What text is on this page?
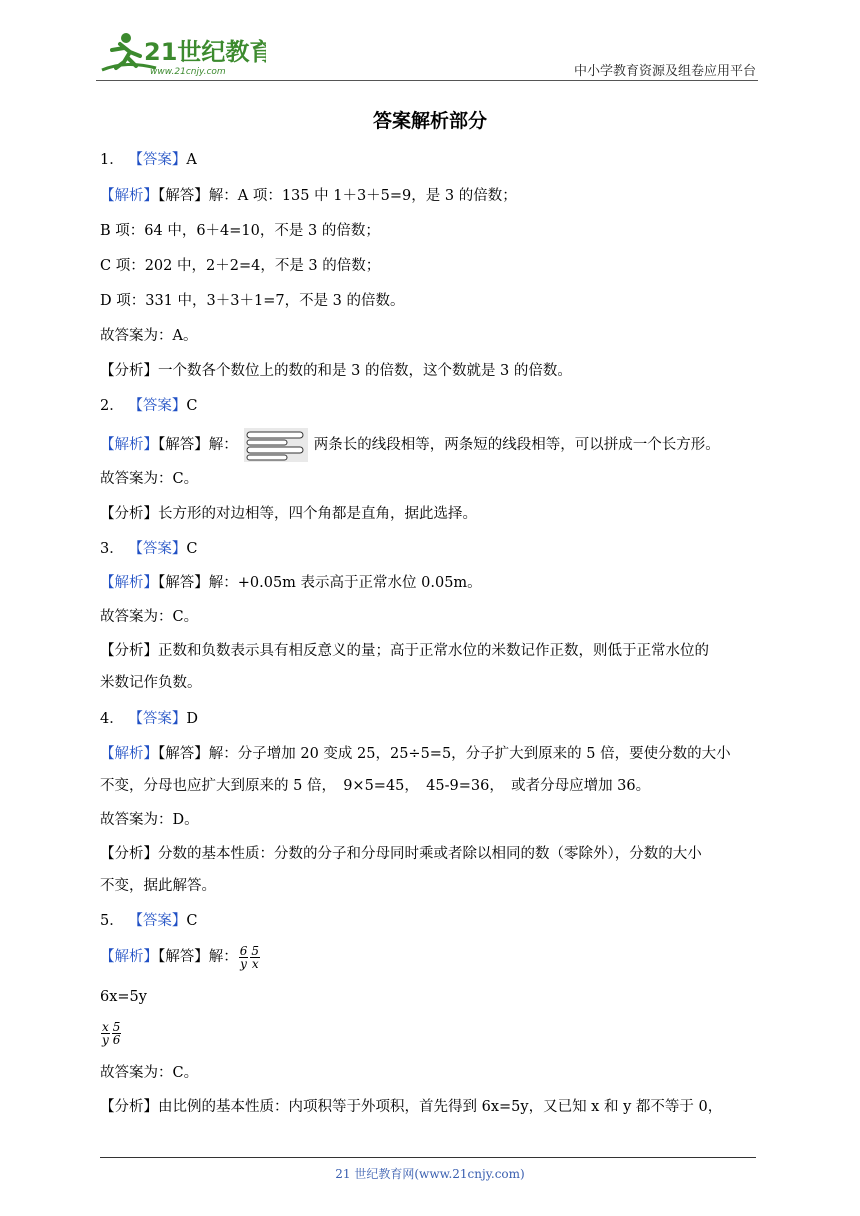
21世纪教育
www.21cnjy.com	中小学教育资源及组卷应用平台
答案解析部分
1． 【答案】A
【解析】【解答】解：A 项：135 中 1＋3＋5=9，是 3 的倍数；
B 项：64 中，6＋4=10，不是 3 的倍数；
C 项：202 中，2＋2=4，不是 3 的倍数；
D 项：331 中，3＋3＋1=7，不是 3 的倍数。
故答案为：A。
【分析】一个数各个数位上的数的和是 3 的倍数，这个数就是 3 的倍数。
2． 【答案】C
【解析】【解答】解：	两条长的线段相等，两条短的线段相等，可以拼成一个长方形。
故答案为：C。
【分析】长方形的对边相等，四个角都是直角，据此选择。
3． 【答案】C
【解析】【解答】解：+0.05m 表示高于正常水位 0.05m。
故答案为：C。
【分析】正数和负数表示具有相反意义的量；高于正常水位的米数记作正数，则低于正常水位的
米数记作负数。
4． 【答案】D
【解析】【解答】解：分子增加 20 变成 25，25÷5=5，分子扩大到原来的 5 倍，要使分数的大小
不变，分母也应扩大到原来的 5 倍，　9×5=45，　45-9=36，　或者分母应增加 36。
故答案为：D。
【分析】分数的基本性质：分数的分子和分母同时乘或者除以相同的数（零除外），分数的大小
不变，据此解答。
5． 【答案】C
【解析】【解答】解： $\frac{6}{y} \frac{5}{x}$
6x=5y
$\frac{x}{y} \frac{5}{6}$
故答案为：C。
【分析】由比例的基本性质：内项积等于外项积，首先得到 6x=5y，又已知 x 和 y 都不等于 0，
21 世纪教育网(www.21cnjy.com)
